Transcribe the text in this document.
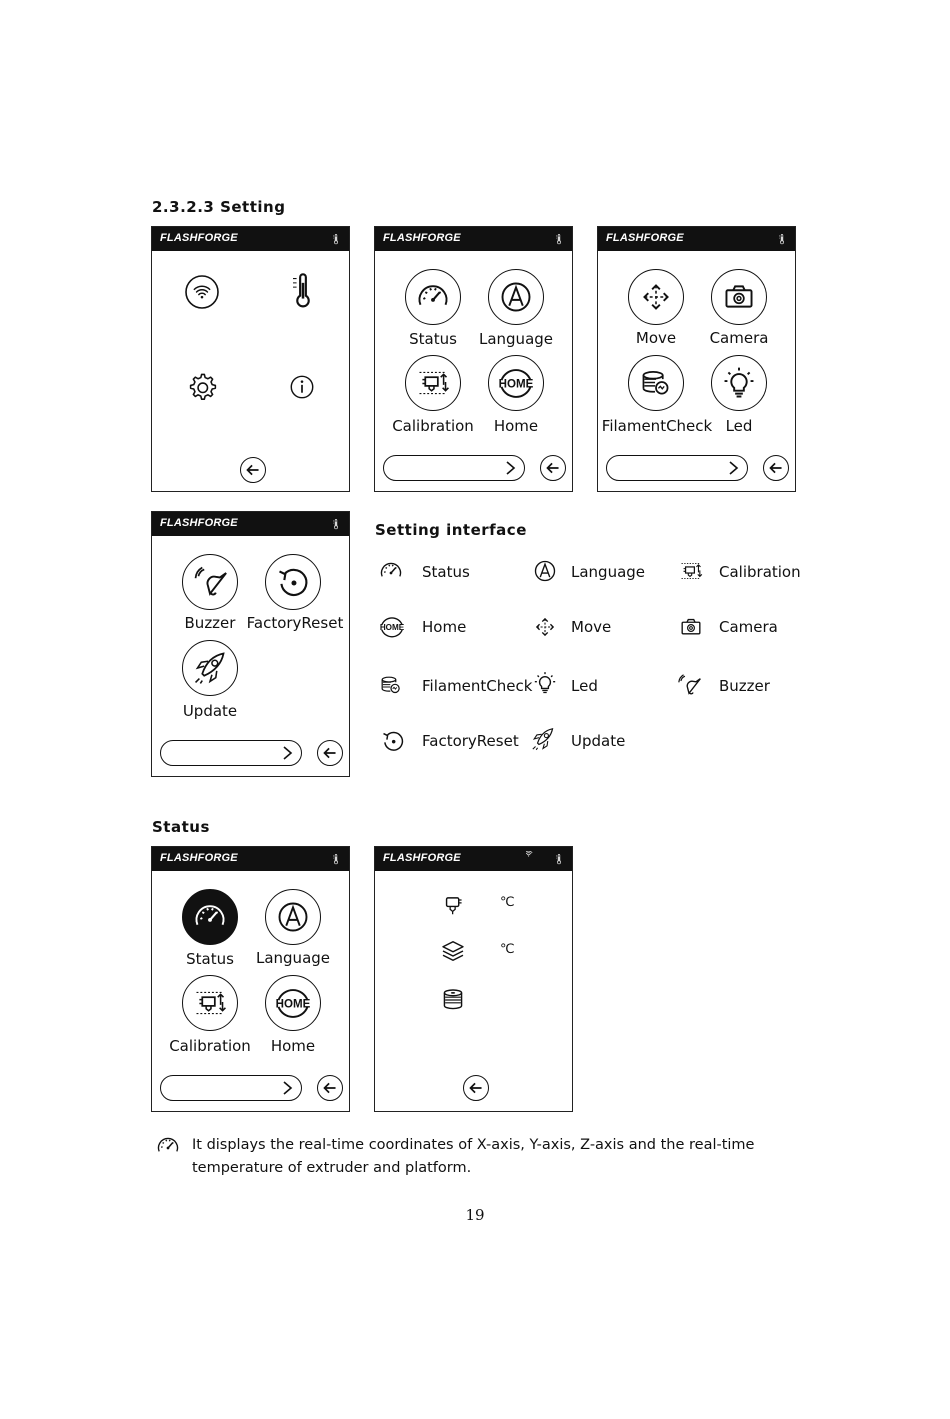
2.3.2.3 Setting
FLASHFORGE	FLASHFORGE
Status	Language
Calibration	Home
FLASHFORGE
Move	Camera
FilamentCheck Led
FLASHFORGE
Buzzer FactoryReset
Update
Setting interface
Status	Language	Calibration
Home	Move	Camera
FilamentCheck	Led	Buzzer
FactoryReset	Update
Status
FLASHFORGE
Status	Language
Calibration	Home
FLASHFORGE
℃
℃
It displays the real-time coordinates of X-axis, Y-axis, Z-axis and the real-time
temperature of extruder and platform.
19
